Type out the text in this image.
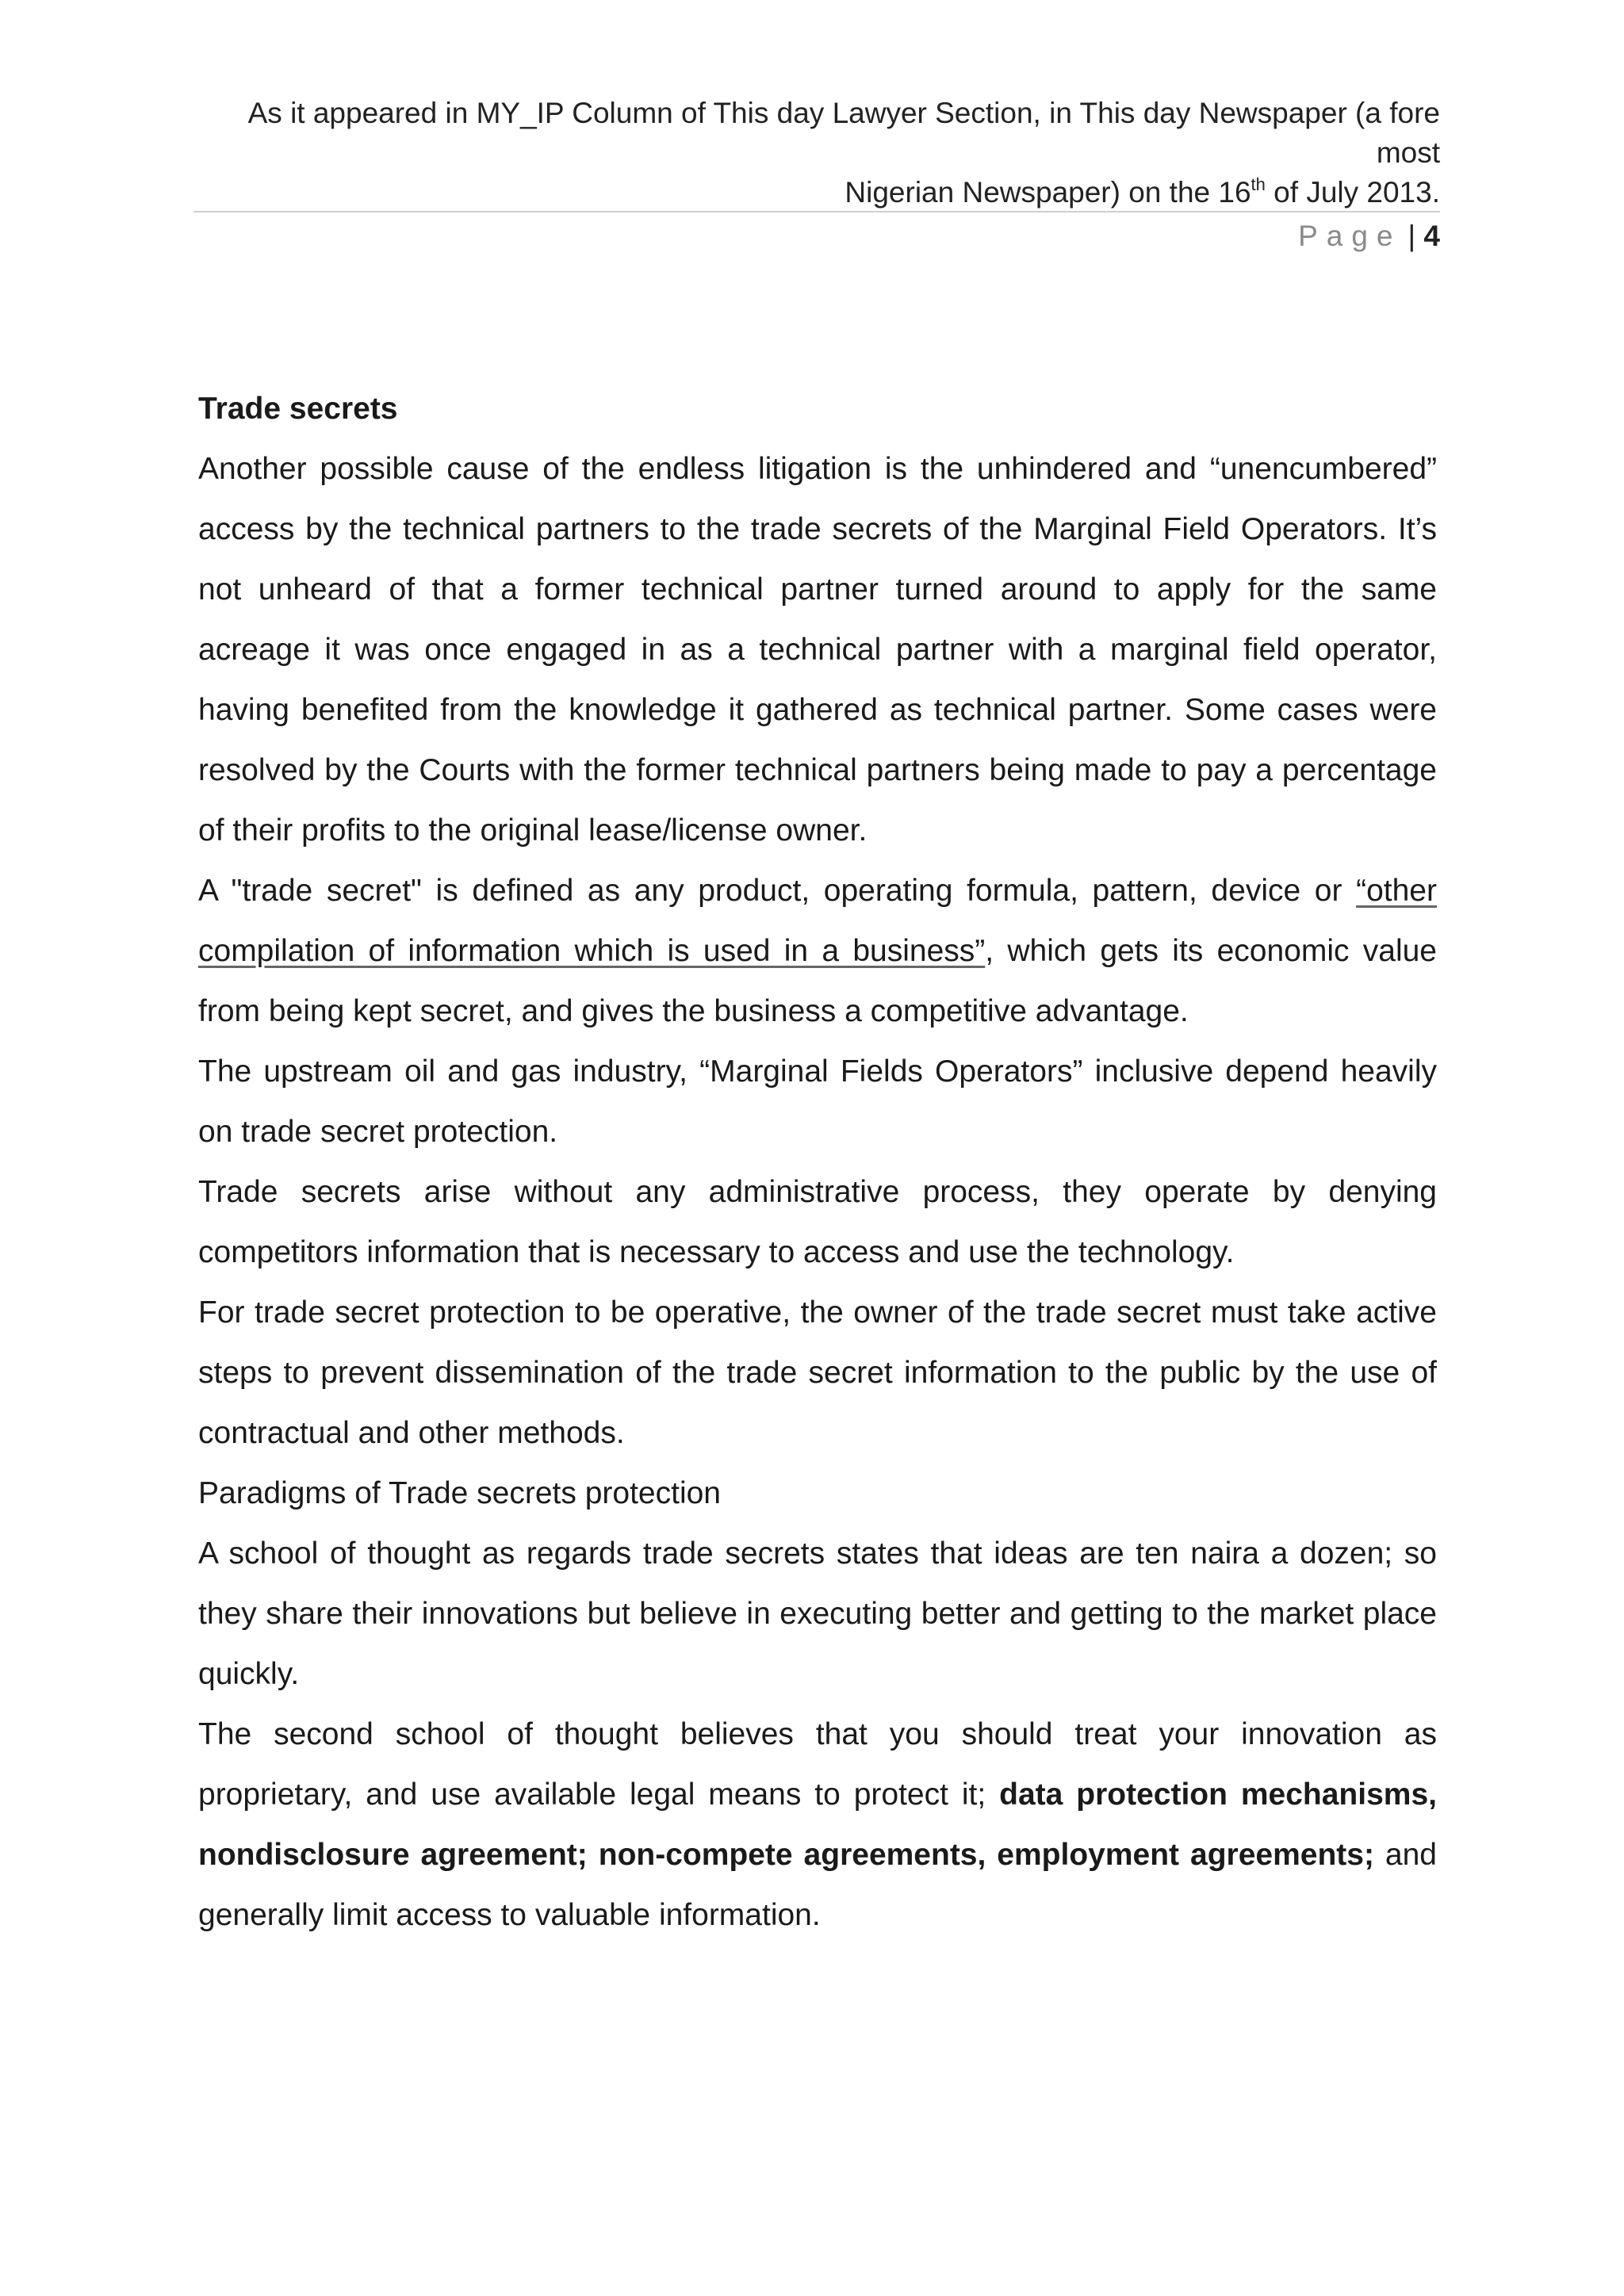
As it appeared in MY_IP Column of This day Lawyer Section, in This day Newspaper (a fore most
Nigerian Newspaper) on the 16th of July 2013.
Page | 4

Trade secrets

Another possible cause of the endless litigation is the unhindered and “unencumbered” access by the technical partners to the trade secrets of the Marginal Field Operators. It’s not unheard of that a former technical partner turned around to apply for the same acreage it was once engaged in as a technical partner with a marginal field operator, having benefited from the knowledge it gathered as technical partner. Some cases were resolved by the Courts with the former technical partners being made to pay a percentage of their profits to the original lease/license owner.

A "trade secret" is defined as any product, operating formula, pattern, device or “other compilation of information which is used in a business”, which gets its economic value from being kept secret, and gives the business a competitive advantage.

The upstream oil and gas industry, “Marginal Fields Operators” inclusive depend heavily on trade secret protection.

Trade secrets arise without any administrative process, they operate by denying competitors information that is necessary to access and use the technology.

For trade secret protection to be operative, the owner of the trade secret must take active steps to prevent dissemination of the trade secret information to the public by the use of contractual and other methods.

Paradigms of Trade secrets protection

A school of thought as regards trade secrets states that ideas are ten naira a dozen; so they share their innovations but believe in executing better and getting to the market place quickly.

The second school of thought believes that you should treat your innovation as proprietary, and use available legal means to protect it; data protection mechanisms, nondisclosure agreement; non-compete agreements, employment agreements; and generally limit access to valuable information.
